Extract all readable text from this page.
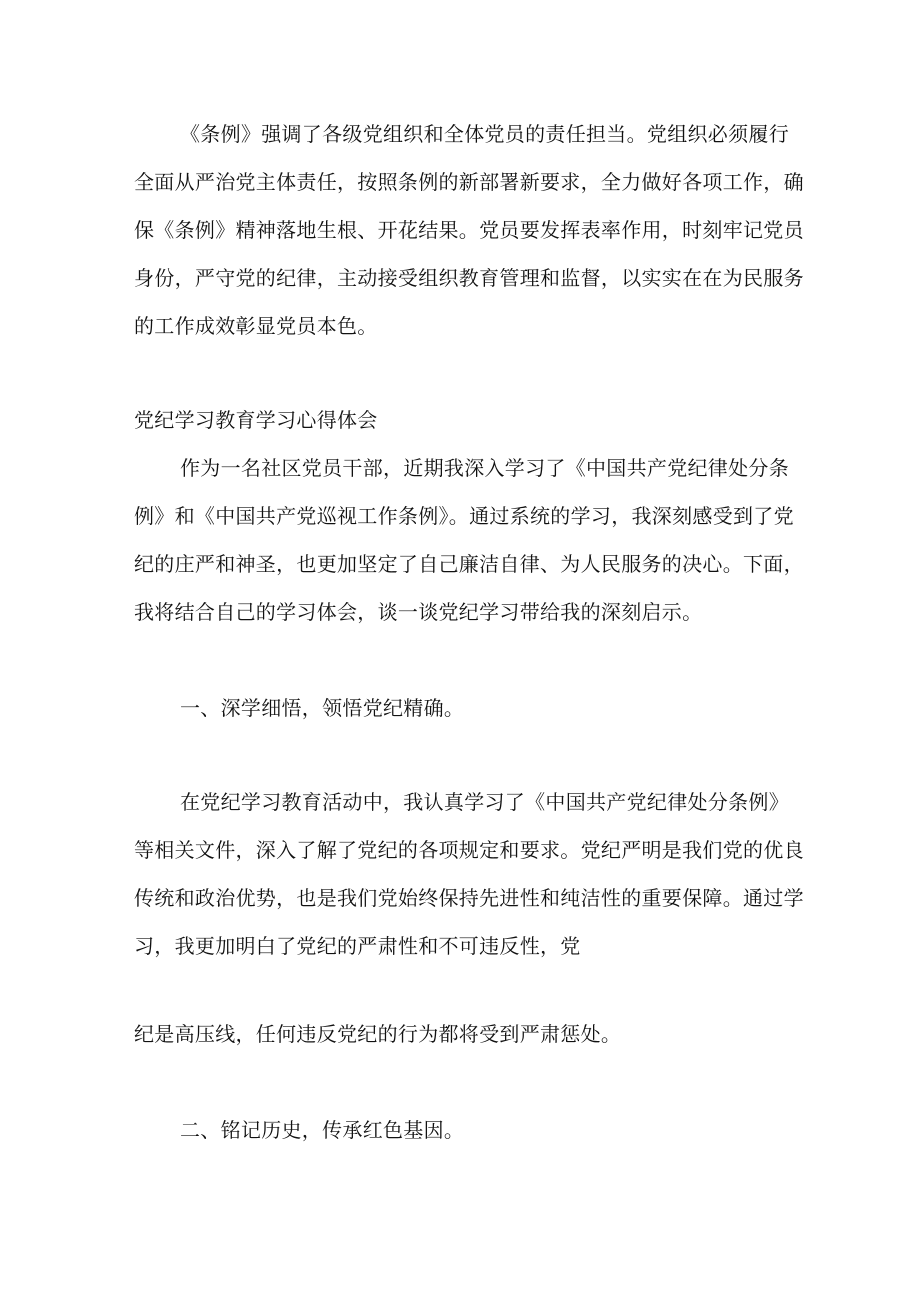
《条例》强调了各级党组织和全体党员的责任担当。党组织必须履行
全面从严治党主体责任，按照条例的新部署新要求，全力做好各项工作，确
保《条例》精神落地生根、开花结果。党员要发挥表率作用，时刻牢记党员
身份，严守党的纪律，主动接受组织教育管理和监督，以实实在在为民服务
的工作成效彰显党员本色。
党纪学习教育学习心得体会
作为一名社区党员干部，近期我深入学习了《中国共产党纪律处分条
例》和《中国共产党巡视工作条例》。通过系统的学习，我深刻感受到了党
纪的庄严和神圣，也更加坚定了自己廉洁自律、为人民服务的决心。下面，
我将结合自己的学习体会，谈一谈党纪学习带给我的深刻启示。
一、深学细悟，领悟党纪精确。
在党纪学习教育活动中，我认真学习了《中国共产党纪律处分条例》
等相关文件，深入了解了党纪的各项规定和要求。党纪严明是我们党的优良
传统和政治优势，也是我们党始终保持先进性和纯洁性的重要保障。通过学
习，我更加明白了党纪的严肃性和不可违反性，党
纪是高压线，任何违反党纪的行为都将受到严肃惩处。
二、铭记历史，传承红色基因。
